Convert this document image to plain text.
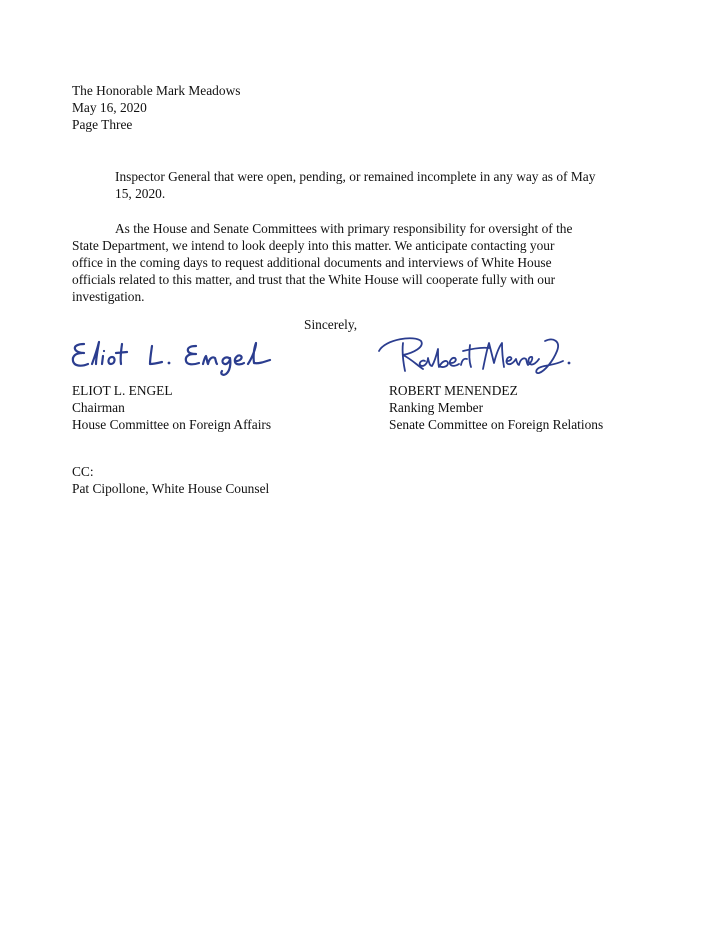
The Honorable Mark Meadows
May 16, 2020
Page Three
Inspector General that were open, pending, or remained incomplete in any way as of May
15, 2020.
As the House and Senate Committees with primary responsibility for oversight of the
State Department, we intend to look deeply into this matter. We anticipate contacting your
office in the coming days to request additional documents and interviews of White House
officials related to this matter, and trust that the White House will cooperate fully with our
investigation.
Sincerely,
ELIOT L. ENGEL
Chairman
House Committee on Foreign Affairs
ROBERT MENENDEZ
Ranking Member
Senate Committee on Foreign Relations
CC:
Pat Cipollone, White House Counsel
